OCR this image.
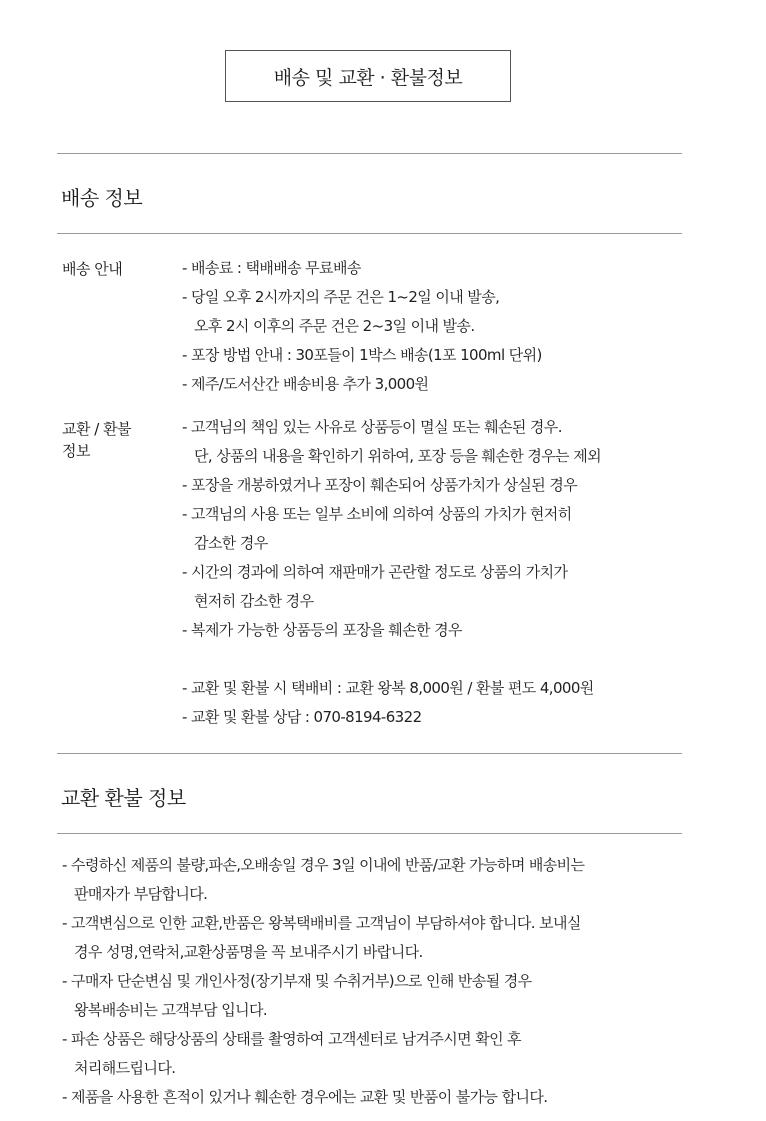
배송 및 교환 · 환불정보
배송 정보
배송 안내	- 배송료 : 택배배송 무료배송
- 당일 오후 2시까지의 주문 건은 1~2일 이내 발송,
오후 2시 이후의 주문 건은 2~3일 이내 발송.
- 포장 방법 안내 : 30포들이 1박스 배송(1포 100ml 단위)
- 제주/도서산간 배송비용 추가 3,000원
교환 / 환불
정보
- 고객님의 책임 있는 사유로 상품등이 멸실 또는 훼손된 경우.
단, 상품의 내용을 확인하기 위하여, 포장 등을 훼손한 경우는 제외
- 포장을 개봉하였거나 포장이 훼손되어 상품가치가 상실된 경우
- 고객님의 사용 또는 일부 소비에 의하여 상품의 가치가 현저히
감소한 경우
- 시간의 경과에 의하여 재판매가 곤란할 정도로 상품의 가치가
현저히 감소한 경우
- 복제가 가능한 상품등의 포장을 훼손한 경우
- 교환 및 환불 시 택배비 : 교환 왕복 8,000원 / 환불 편도 4,000원
- 교환 및 환불 상담 : 070-8194-6322
교환 환불 정보
- 수령하신 제품의 불량,파손,오배송일 경우 3일 이내에 반품/교환 가능하며 배송비는
판매자가 부담합니다.
- 고객변심으로 인한 교환,반품은 왕복택배비를 고객님이 부담하셔야 합니다. 보내실
경우 성명,연락처,교환상품명을 꼭 보내주시기 바랍니다.
- 구매자 단순변심 및 개인사정(장기부재 및 수취거부)으로 인해 반송될 경우
왕복배송비는 고객부담 입니다.
- 파손 상품은 해당상품의 상태를 촬영하여 고객센터로 남겨주시면 확인 후
처리해드립니다.
- 제품을 사용한 흔적이 있거나 훼손한 경우에는 교환 및 반품이 불가능 합니다.
